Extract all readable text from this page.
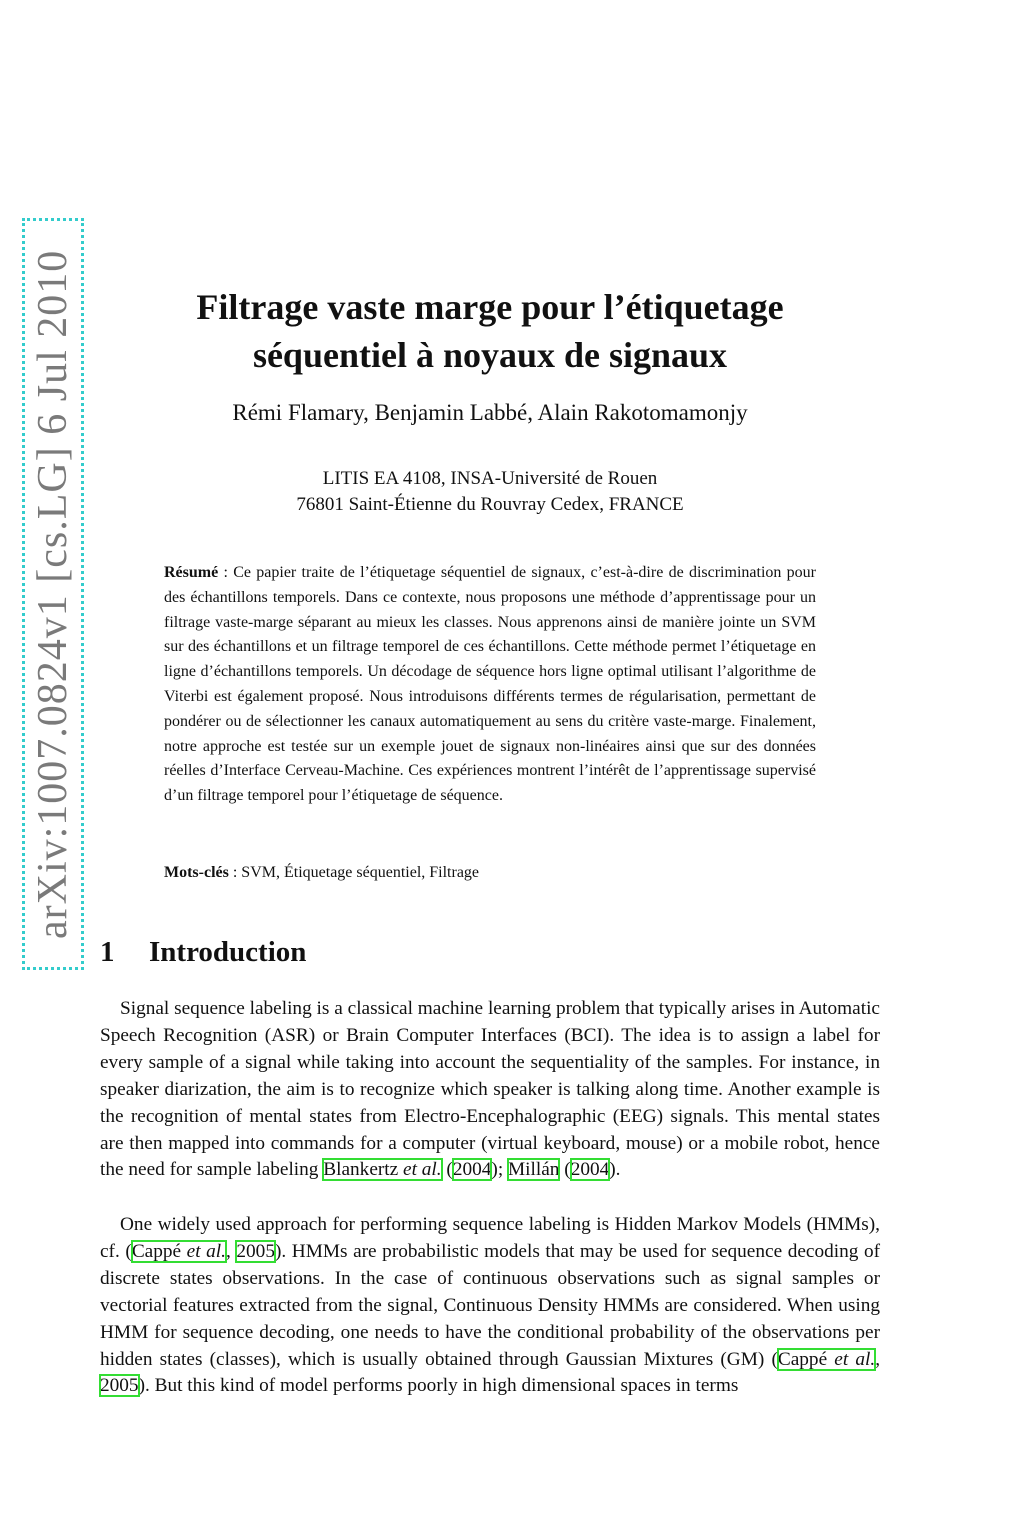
arXiv:1007.0824v1 [cs.LG] 6 Jul 2010	Filtrage vaste marge pour l’étiquetage
séquentiel à noyaux de signaux
Rémi Flamary, Benjamin Labbé, Alain Rakotomamonjy
LITIS EA 4108, INSA-Université de Rouen
76801 Saint-Étienne du Rouvray Cedex, FRANCE

Résumé : Ce papier traite de l’étiquetage séquentiel de signaux, c’est-à-dire de discrimination pour des échantillons temporels. Dans ce contexte, nous proposons une méthode d’apprentissage pour un filtrage vaste-marge séparant au mieux les classes. Nous apprenons ainsi de manière jointe un SVM sur des échantillons et un filtrage temporel de ces échantillons. Cette méthode permet l’étiquetage en ligne d’échantillons temporels. Un décodage de séquence hors ligne optimal utilisant l’algorithme de Viterbi est également proposé. Nous introduisons différents termes de régularisation, permettant de pondérer ou de sélectionner les canaux automatiquement au sens du critère vaste-marge. Finalement, notre approche est testée sur un exemple jouet de signaux non-linéaires ainsi que sur des données réelles d’Interface Cerveau-Machine. Ces expériences montrent l’intérêt de l’apprentissage supervisé d’un filtrage temporel pour l’étiquetage de séquence.

Mots-clés : SVM, Étiquetage séquentiel, Filtrage

1 Introduction

Signal sequence labeling is a classical machine learning problem that typically arises in Automatic Speech Recognition (ASR) or Brain Computer Interfaces (BCI). The idea is to assign a label for every sample of a signal while taking into account the sequentiality of the samples. For instance, in speaker diarization, the aim is to recognize which speaker is talking along time. Another example is the recognition of mental states from Electro-Encephalographic (EEG) signals. This mental states are then mapped into commands for a computer (virtual keyboard, mouse) or a mobile robot, hence the need for sample labeling Blankertz et al. (2004); Millán (2004).

One widely used approach for performing sequence labeling is Hidden Markov Models (HMMs), cf. (Cappé et al., 2005). HMMs are probabilistic models that may be used for sequence decoding of discrete states observations. In the case of continuous observations such as signal samples or vectorial features extracted from the signal, Continuous Density HMMs are considered. When using HMM for sequence decoding, one needs to have the conditional probability of the observations per hidden states (classes), which is usually obtained through Gaussian Mixtures (GM) (Cappé et al., 2005). But this kind of model performs poorly in high dimensional spaces in terms
